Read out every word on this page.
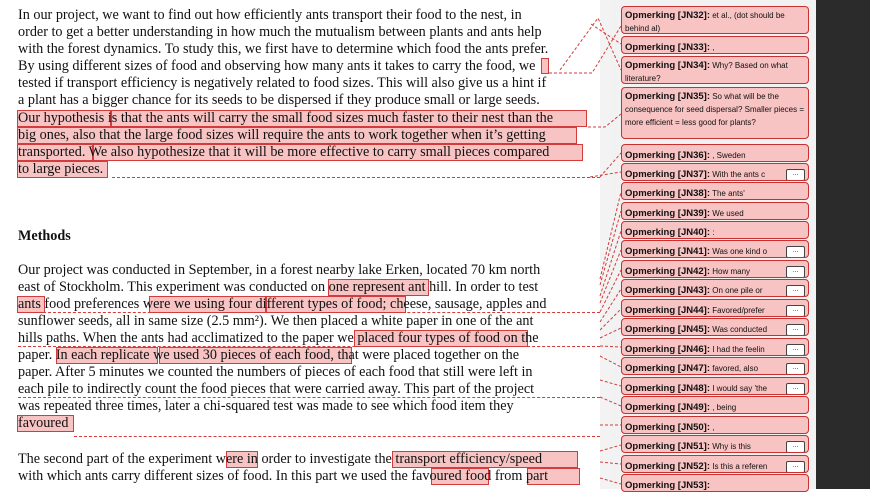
In our project, we want to find out how efficiently ants transport their food to the nest, in
order to get a better understanding in how much the mutualism between plants and ants help
with the forest dynamics. To study this, we first have to determine which food the ants prefer.
By using different sizes of food and observing how many ants it takes to carry the food, we
tested if transport efficiency is negatively related to food sizes. This will also give us a hint if
a plant has a bigger chance for its seeds to be dispersed if they produce small or large seeds.
Our hypothesis is that the ants will carry the small food sizes much faster to their nest than the
big ones, also that the large food sizes will require the ants to work together when it’s getting
transported. We also hypothesize that it will be more effective to carry small pieces compared
to large pieces.
Methods
Our project was conducted in September, in a forest nearby lake Erken, located 70 km north
east of Stockholm. This experiment was conducted on one represent ant hill. In order to test
ants food preferences were we using four different types of food; cheese, sausage, apples and
sunflower seeds, all in same size (2.5 mm²). We then placed a white paper in one of the ant
hills paths. When the ants had acclimatized to the paper we placed four types of food on the
paper. In each replicate we used 30 pieces of each food, that were placed together on the
paper. After 5 minutes we counted the numbers of pieces of each food that still were left in
each pile to indirectly count the food pieces that were carried away. This part of the project
was repeated three times, later a chi-squared test was made to see which food item they
favoured
The second part of the experiment were in order to investigate the transport efficiency/speed
with which ants carry different sizes of food. In this part we used the favoured food from part
Opmerking [JN32]: et al., (dot should be behind al)
Opmerking [JN33]: ,
Opmerking [JN34]: Why? Based on what literature?
Opmerking [JN35]: So what will be the consequence for seed dispersal? Smaller pieces = more efficient = less good for plants?
Opmerking [JN36]: , Sweden
Opmerking [JN37]: With the ants c	...
Opmerking [JN38]: The ants'
Opmerking [JN39]: We used
Opmerking [JN40]: :
Opmerking [JN41]: Was one kind o	...
Opmerking [JN42]: How many	...
Opmerking [JN43]: On one pile or	...
Opmerking [JN44]: Favored/prefer	...
Opmerking [JN45]: Was conducted	...
Opmerking [JN46]: I had the feelin	...
Opmerking [JN47]: favored, also	...
Opmerking [JN48]: I would say 'the	...
Opmerking [JN49]: , being
Opmerking [JN50]: ,
Opmerking [JN51]: Why is this	...
Opmerking [JN52]: Is this a referen	...
Opmerking [JN53]:
